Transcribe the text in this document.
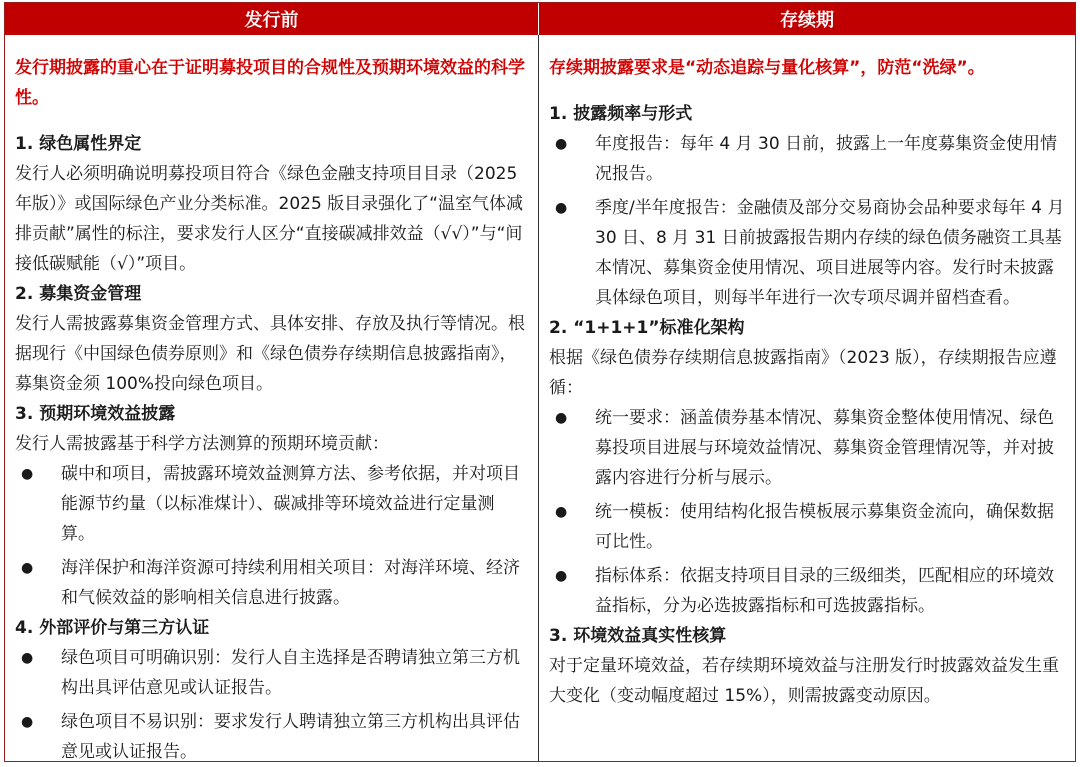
发行前	存续期
发行期披露的重心在于证明募投项目的合规性及预期环境效益的科学性。
1. 绿色属性界定
发行人必须明确说明募投项目符合《绿色金融支持项目目录（2025 年版）》或国际绿色产业分类标准。2025 版目录强化了“温室气体减排贡献”属性的标注，要求发行人区分“直接碳减排效益（√√）”与“间接低碳赋能（√）”项目。
2. 募集资金管理
发行人需披露募集资金管理方式、具体安排、存放及执行等情况。根据现行《中国绿色债券原则》和《绿色债券存续期信息披露指南》，募集资金须 100%投向绿色项目。
3. 预期环境效益披露
发行人需披露基于科学方法测算的预期环境贡献：
● 碳中和项目，需披露环境效益测算方法、参考依据，并对项目能源节约量（以标准煤计）、碳减排等环境效益进行定量测算。
● 海洋保护和海洋资源可持续利用相关项目：对海洋环境、经济和气候效益的影响相关信息进行披露。
4. 外部评价与第三方认证
● 绿色项目可明确识别：发行人自主选择是否聘请独立第三方机构出具评估意见或认证报告。
● 绿色项目不易识别：要求发行人聘请独立第三方机构出具评估意见或认证报告。
存续期披露要求是“动态追踪与量化核算”，防范“洗绿”。
1. 披露频率与形式
● 年度报告：每年 4 月 30 日前，披露上一年度募集资金使用情况报告。
● 季度/半年度报告：金融债及部分交易商协会品种要求每年 4 月 30 日、8 月 31 日前披露报告期内存续的绿色债务融资工具基本情况、募集资金使用情况、项目进展等内容。发行时未披露具体绿色项目，则每半年进行一次专项尽调并留档查看。
2. “1+1+1”标准化架构
根据《绿色债券存续期信息披露指南》（2023 版），存续期报告应遵循：
● 统一要求：涵盖债券基本情况、募集资金整体使用情况、绿色募投项目进展与环境效益情况、募集资金管理情况等，并对披露内容进行分析与展示。
● 统一模板：使用结构化报告模板展示募集资金流向，确保数据可比性。
● 指标体系：依据支持项目目录的三级细类，匹配相应的环境效益指标，分为必选披露指标和可选披露指标。
3. 环境效益真实性核算
对于定量环境效益，若存续期环境效益与注册发行时披露效益发生重大变化（变动幅度超过 15%），则需披露变动原因。
